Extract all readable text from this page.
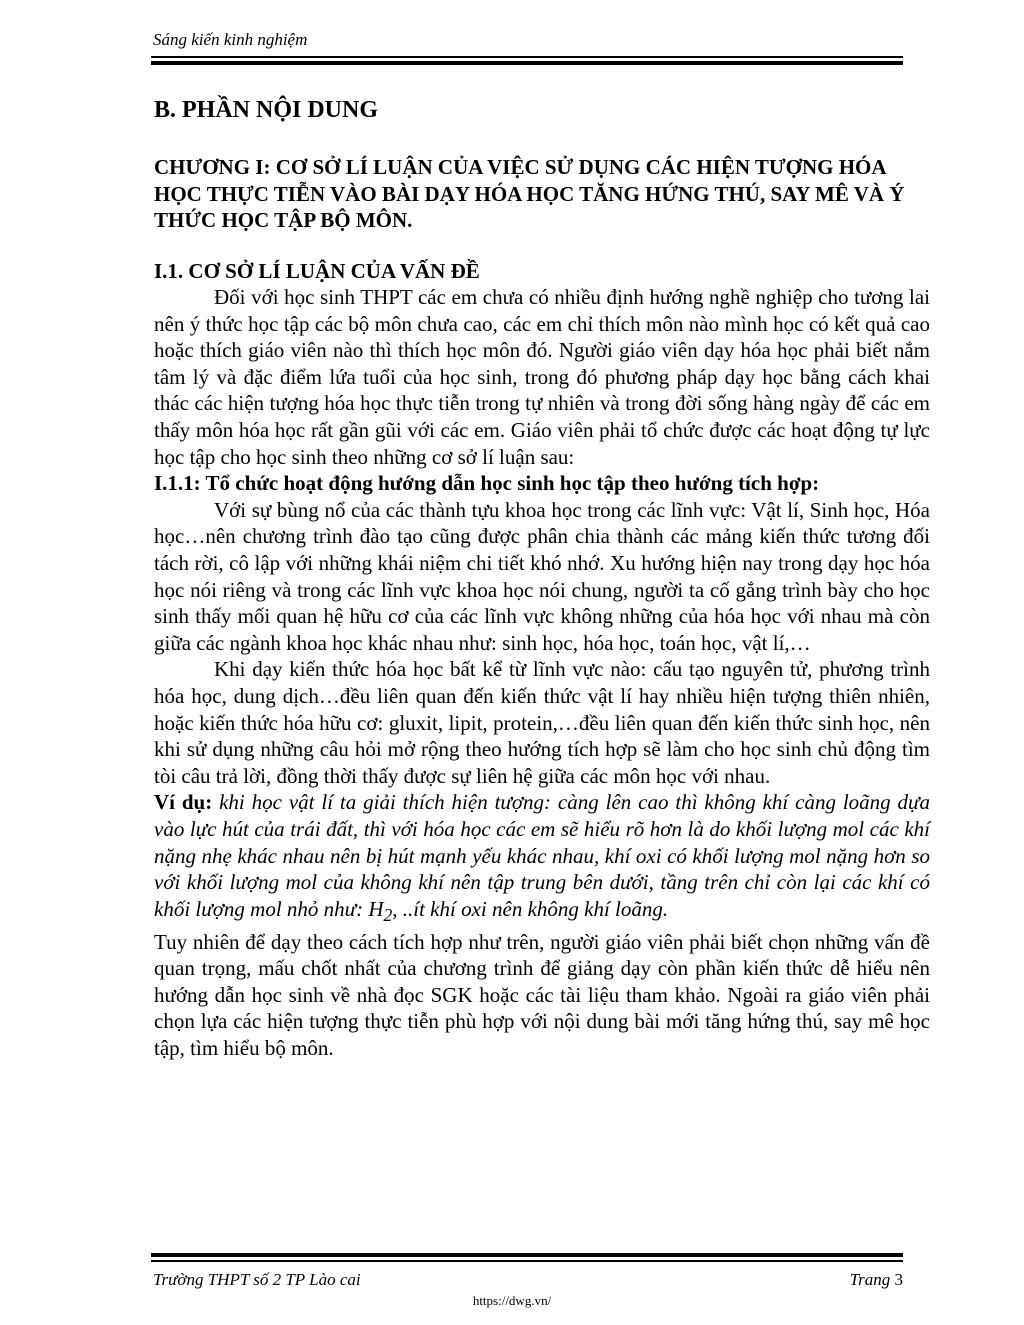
Sáng kiến kinh nghiệm
B. PHẦN NỘI DUNG
CHƯƠNG I: CƠ SỞ LÍ LUẬN CỦA VIỆC SỬ DỤNG CÁC HIỆN TƯỢNG HÓA HỌC THỰC TIỄN VÀO BÀI DẠY HÓA HỌC TĂNG HỨNG THÚ, SAY MÊ VÀ Ý THỨC HỌC TẬP BỘ MÔN.
I.1. CƠ SỞ LÍ LUẬN CỦA VẤN ĐỀ

Đối với học sinh THPT các em chưa có nhiều định hướng nghề nghiệp cho tương lai nên ý thức học tập các bộ môn chưa cao, các em chỉ thích môn nào mình học có kết quả cao hoặc thích giáo viên nào thì thích học môn đó. Người giáo viên dạy hóa học phải biết nắm tâm lý và đặc điểm lứa tuổi của học sinh, trong đó phương pháp dạy học bằng cách khai thác các hiện tượng hóa học thực tiễn trong tự nhiên và trong đời sống hàng ngày để các em thấy môn hóa học rất gần gũi với các em. Giáo viên phải tổ chức được các hoạt động tự lực học tập cho học sinh theo những cơ sở lí luận sau:

I.1.1: Tổ chức hoạt động hướng dẫn học sinh học tập theo hướng tích hợp:

Với sự bùng nổ của các thành tựu khoa học trong các lĩnh vực: Vật lí, Sinh học, Hóa học…nên chương trình đào tạo cũng được phân chia thành các mảng kiến thức tương đối tách rời, cô lập với những khái niệm chi tiết khó nhớ. Xu hướng hiện nay trong dạy học hóa học nói riêng và trong các lĩnh vực khoa học nói chung, người ta cố gắng trình bày cho học sinh thấy mối quan hệ hữu cơ của các lĩnh vực không những của hóa học với nhau mà còn giữa các ngành khoa học khác nhau như: sinh học, hóa học, toán học, vật lí,…

Khi dạy kiến thức hóa học bất kể từ lĩnh vực nào: cấu tạo nguyên tử, phương trình hóa học, dung dịch…đều liên quan đến kiến thức vật lí hay nhiều hiện tượng thiên nhiên, hoặc kiến thức hóa hữu cơ: gluxit, lipit, protein,…đều liên quan đến kiến thức sinh học, nên khi sử dụng những câu hỏi mở rộng theo hướng tích hợp sẽ làm cho học sinh chủ động tìm tòi câu trả lời, đồng thời thấy được sự liên hệ giữa các môn học với nhau.

Ví dụ: khi học vật lí ta giải thích hiện tượng: càng lên cao thì không khí càng loãng dựa vào lực hút của trái đất, thì với hóa học các em sẽ hiểu rõ hơn là do khối lượng mol các khí nặng nhẹ khác nhau nên bị hút mạnh yếu khác nhau, khí oxi có khối lượng mol nặng hơn so với khối lượng mol của không khí nên tập trung bên dưới, tầng trên chỉ còn lại các khí có khối lượng mol nhỏ như: $H_2$, ..ít khí oxi nên không khí loãng.

Tuy nhiên để dạy theo cách tích hợp như trên, người giáo viên phải biết chọn những vấn đề quan trọng, mấu chốt nhất của chương trình để giảng dạy còn phần kiến thức dễ hiểu nên hướng dẫn học sinh về nhà đọc SGK hoặc các tài liệu tham khảo. Ngoài ra giáo viên phải chọn lựa các hiện tượng thực tiễn phù hợp với nội dung bài mới tăng hứng thú, say mê học tập, tìm hiểu bộ môn.

Trường THPT số 2 TP Lào cai	Trang 3
https://dwg.vn/
